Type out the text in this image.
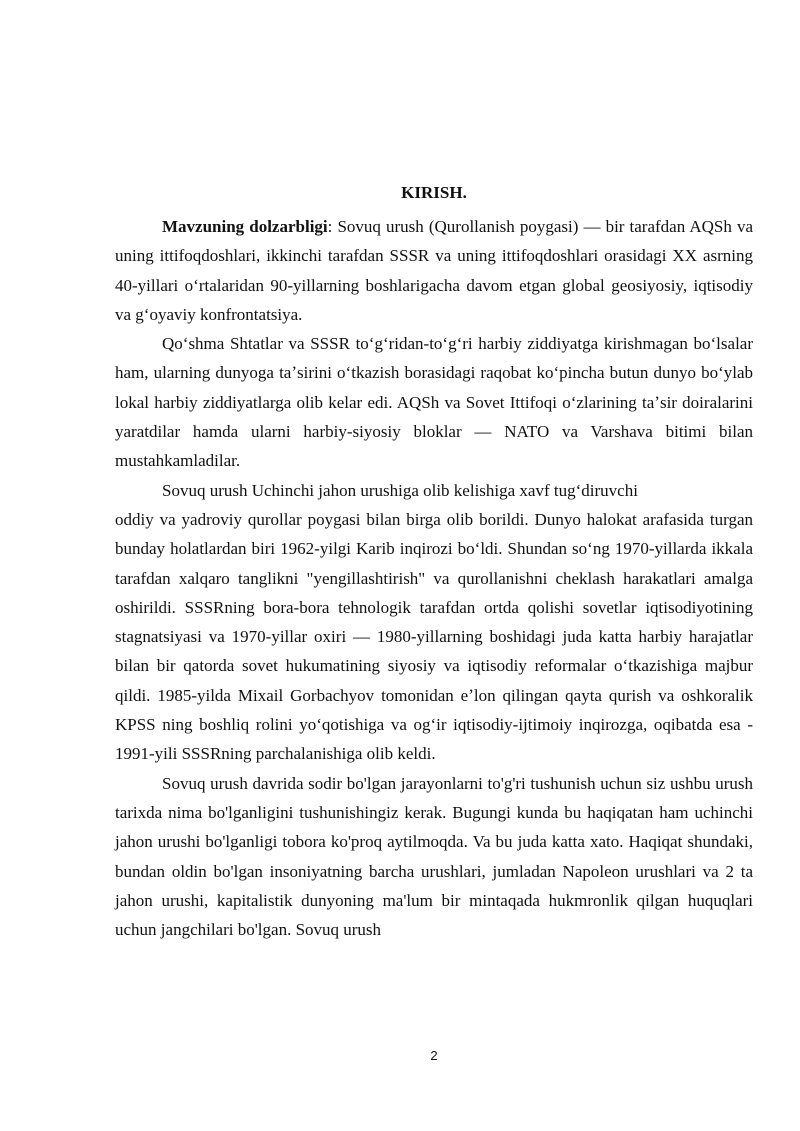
KIRISH.

Mavzuning dolzarbligi: Sovuq urush (Qurollanish poygasi) — bir tarafdan AQSh va uning ittifoqdoshlari, ikkinchi tarafdan SSSR va uning ittifoqdoshlari orasidagi XX asrning 40-yillari oʻrtalaridan 90-yillarning boshlarigacha davom etgan global geosiyosiy, iqtisodiy va gʻoyaviy konfrontatsiya.

Qoʻshma Shtatlar va SSSR toʻgʻridan-toʻgʻri harbiy ziddiyatga kirishmagan boʻlsalar ham, ularning dunyoga taʼsirini oʻtkazish borasidagi raqobat koʻpincha butun dunyo boʻylab lokal harbiy ziddiyatlarga olib kelar edi. AQSh va Sovet Ittifoqi oʻzlarining taʼsir doiralarini yaratdilar hamda ularni harbiy-siyosiy bloklar — NATO va Varshava bitimi bilan mustahkamladilar.

Sovuq urush Uchinchi jahon urushiga olib kelishiga xavf tugʻdiruvchi

oddiy va yadroviy qurollar poygasi bilan birga olib borildi. Dunyo halokat arafasida turgan bunday holatlardan biri 1962-yilgi Karib inqirozi boʻldi. Shundan soʻng 1970-yillarda ikkala tarafdan xalqaro tanglikni "yengillashtirish" va qurollanishni cheklash harakatlari amalga oshirildi. SSSRning bora-bora tehnologik tarafdan ortda qolishi sovetlar iqtisodiyotining stagnatsiyasi va 1970-yillar oxiri — 1980-yillarning boshidagi juda katta harbiy harajatlar bilan bir qatorda sovet hukumatining siyosiy va iqtisodiy reformalar oʻtkazishiga majbur qildi. 1985-yilda Mixail Gorbachyov tomonidan eʼlon qilingan qayta qurish va oshkoralik KPSS ning boshliq rolini yoʻqotishiga va ogʻir iqtisodiy-ijtimoiy inqirozga, oqibatda esa - 1991-yili SSSRning parchalanishiga olib keldi.

Sovuq urush davrida sodir bo'lgan jarayonlarni to'g'ri tushunish uchun siz ushbu urush tarixda nima bo'lganligini tushunishingiz kerak. Bugungi kunda bu haqiqatan ham uchinchi jahon urushi bo'lganligi tobora ko'proq aytilmoqda. Va bu juda katta xato. Haqiqat shundaki, bundan oldin bo'lgan insoniyatning barcha urushlari, jumladan Napoleon urushlari va 2 ta jahon urushi, kapitalistik dunyoning ma'lum bir mintaqada hukmronlik qilgan huquqlari uchun jangchilari bo'lgan. Sovuq urush

2
